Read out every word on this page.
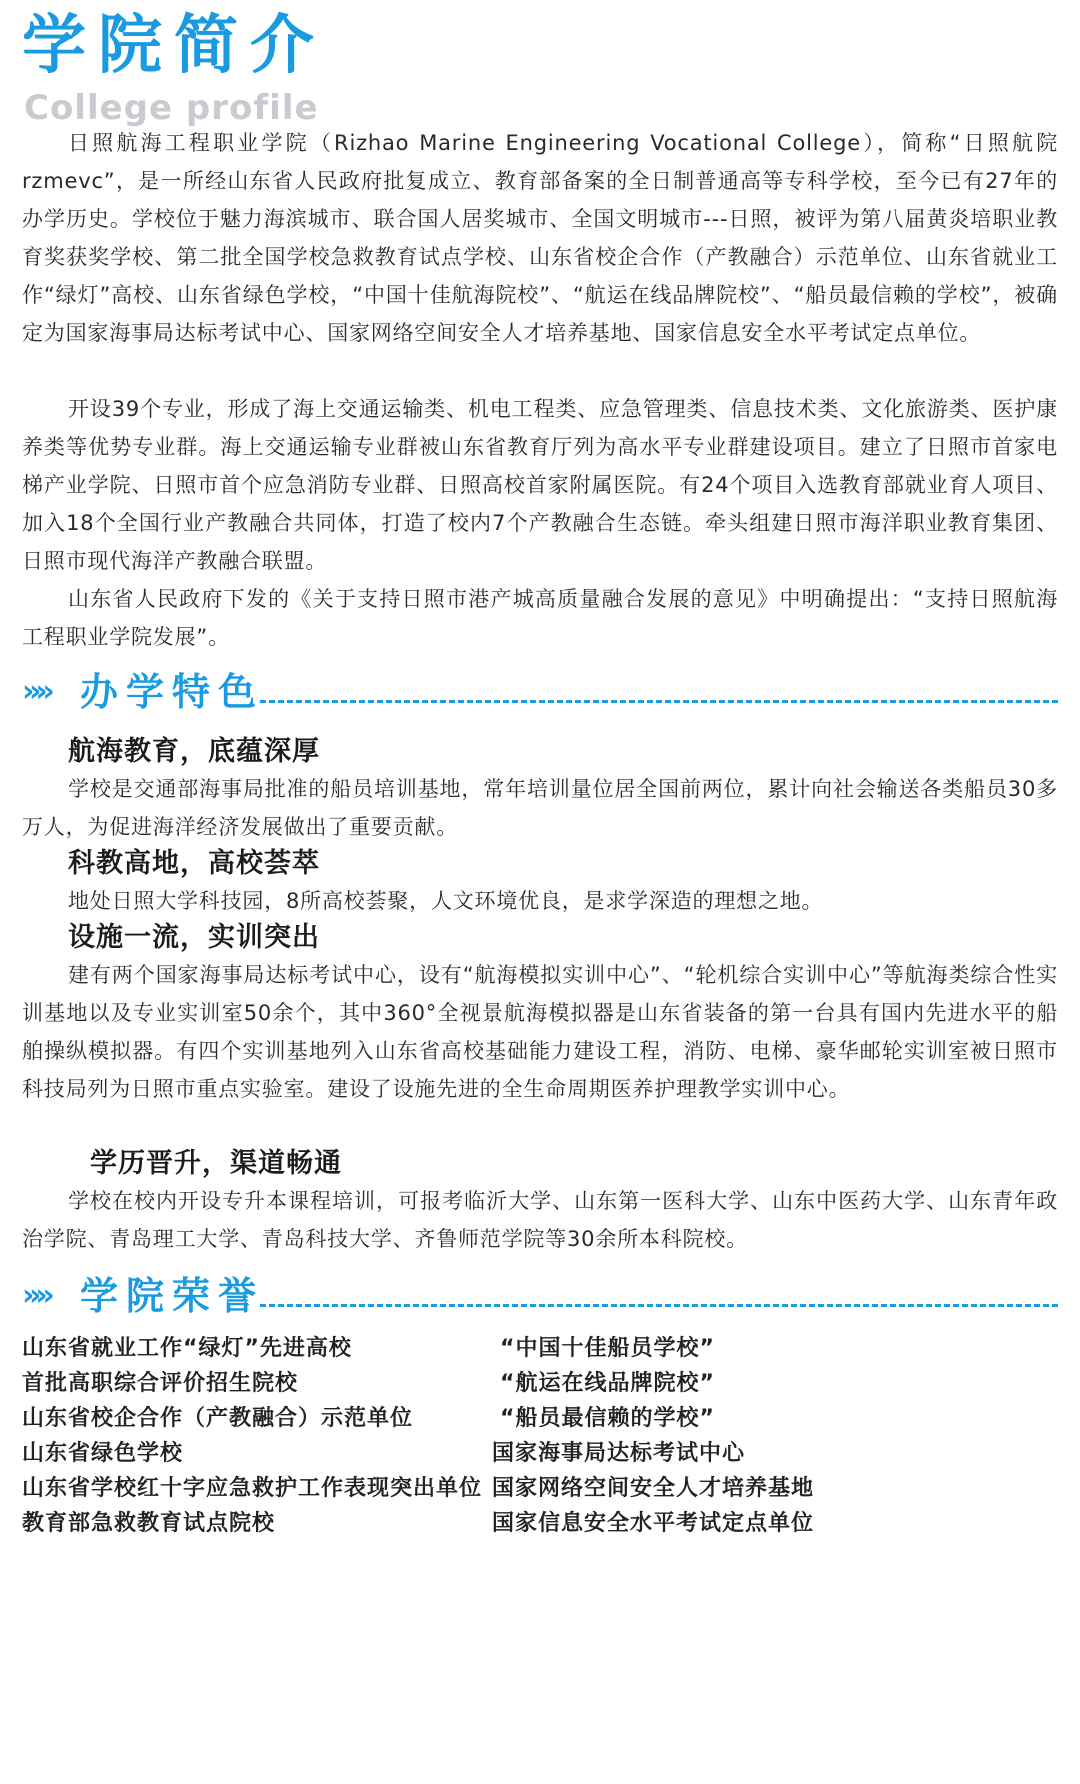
学院简介
College profile

日照航海工程职业学院（Rizhao Marine Engineering Vocational College），简称“日照航院rzmevc”，是一所经山东省人民政府批复成立、教育部备案的全日制普通高等专科学校，至今已有27年的办学历史。学校位于魅力海滨城市、联合国人居奖城市、全国文明城市---日照，被评为第八届黄炎培职业教育奖获奖学校、第二批全国学校急救教育试点学校、山东省校企合作（产教融合）示范单位、山东省就业工作“绿灯”高校、山东省绿色学校，“中国十佳航海院校”、“航运在线品牌院校”、“船员最信赖的学校”，被确定为国家海事局达标考试中心、国家网络空间安全人才培养基地、国家信息安全水平考试定点单位。

开设39个专业，形成了海上交通运输类、机电工程类、应急管理类、信息技术类、文化旅游类、医护康养类等优势专业群。海上交通运输专业群被山东省教育厅列为高水平专业群建设项目。建立了日照市首家电梯产业学院、日照市首个应急消防专业群、日照高校首家附属医院。有24个项目入选教育部就业育人项目、加入18个全国行业产教融合共同体，打造了校内7个产教融合生态链。牵头组建日照市海洋职业教育集团、日照市现代海洋产教融合联盟。

山东省人民政府下发的《关于支持日照市港产城高质量融合发展的意见》中明确提出：“支持日照航海工程职业学院发展”。

»» 办学特色
航海教育，底蕴深厚

学校是交通部海事局批准的船员培训基地，常年培训量位居全国前两位，累计向社会输送各类船员30多万人，为促进海洋经济发展做出了重要贡献。

科教高地，高校荟萃

地处日照大学科技园，8所高校荟聚，人文环境优良，是求学深造的理想之地。

设施一流，实训突出

建有两个国家海事局达标考试中心，设有“航海模拟实训中心”、“轮机综合实训中心”等航海类综合性实训基地以及专业实训室50余个，其中360°全视景航海模拟器是山东省装备的第一台具有国内先进水平的船舶操纵模拟器。有四个实训基地列入山东省高校基础能力建设工程，消防、电梯、豪华邮轮实训室被日照市科技局列为日照市重点实验室。建设了设施先进的全生命周期医养护理教学实训中心。

学历晋升，渠道畅通

学校在校内开设专升本课程培训，可报考临沂大学、山东第一医科大学、山东中医药大学、山东青年政治学院、青岛理工大学、青岛科技大学、齐鲁师范学院等30余所本科院校。

»» 学院荣誉
山东省就业工作“绿灯”先进高校
首批高职综合评价招生院校
山东省校企合作（产教融合）示范单位
山东省绿色学校
山东省学校红十字应急救护工作表现突出单位
教育部急救教育试点院校
“中国十佳船员学校”
“航运在线品牌院校”
“船员最信赖的学校”
国家海事局达标考试中心
国家网络空间安全人才培养基地
国家信息安全水平考试定点单位
